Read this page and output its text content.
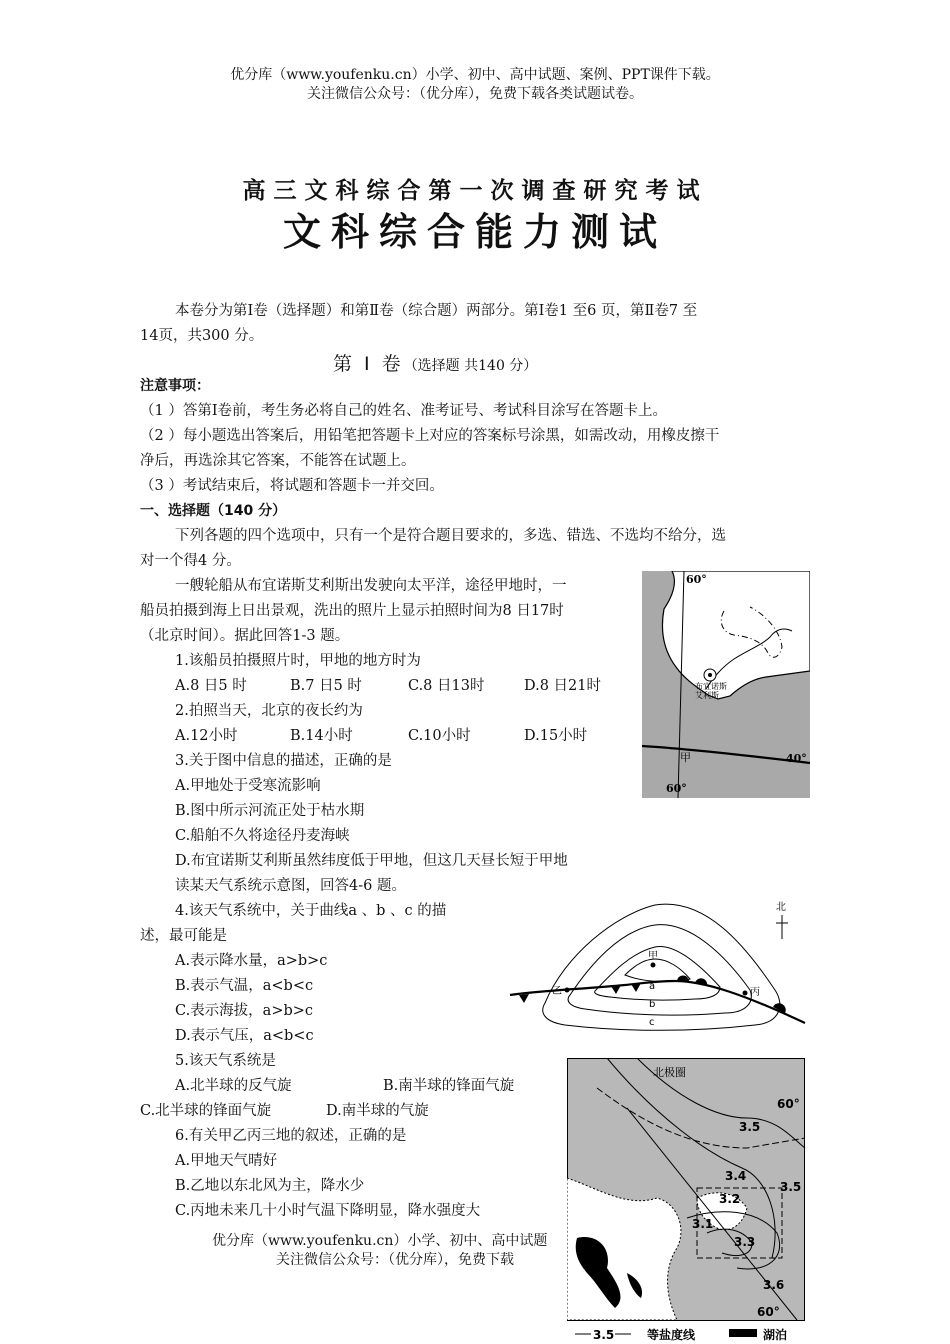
优分库（www.youfenku.cn）小学、初中、高中试题、案例、PPT课件下载。
关注微信公众号：（优分库），免费下载各类试题试卷。
高三文科综合第一次调查研究考试
文科综合能力测试
本卷分为第Ⅰ卷（选择题）和第Ⅱ卷（综合题）两部分。第Ⅰ卷1 至6 页，第Ⅱ卷7 至
14页，共300 分。
第 Ⅰ 卷（选择题 共140 分）
注意事项：
（1 ）答第Ⅰ卷前，考生务必将自己的姓名、准考证号、考试科目涂写在答题卡上。
（2 ）每小题选出答案后，用铅笔把答题卡上对应的答案标号涂黑，如需改动，用橡皮擦干
净后，再选涂其它答案，不能答在试题上。
（3 ）考试结束后，将试题和答题卡一并交回。
一、选择题（140 分）
下列各题的四个选项中，只有一个是符合题目要求的，多选、错选、不选均不给分，选
对一个得4 分。
一艘轮船从布宜诺斯艾利斯出发驶向太平洋，途径甲地时，一
船员拍摄到海上日出景观，洗出的照片上显示拍照时间为8 日17时
（北京时间）。据此回答1-3 题。
1.该船员拍摄照片时，甲地的地方时为
A.8 日5 时	B.7 日5 时	C.8 日13时	D.8 日21时
2.拍照当天，北京的夜长约为
A.12小时	B.14小时	C.10小时	D.15小时
3.关于图中信息的描述，正确的是
A.甲地处于受寒流影响
B.图中所示河流正处于枯水期
C.船舶不久将途径丹麦海峡
D.布宜诺斯艾利斯虽然纬度低于甲地，但这几天昼长短于甲地
读某天气系统示意图，回答4-6 题。
4.该天气系统中，关于曲线a 、b 、c 的描
述，最可能是
A.表示降水量，a>b>c
B.表示气温，a<b<c
C.表示海拔，a>b>c
D.表示气压，a<b<c
5.该天气系统是
A.北半球的反气旋	B.南半球的锋面气旋
C.北半球的锋面气旋	D.南半球的气旋
6.有关甲乙丙三地的叙述，正确的是
A.甲地天气晴好
B.乙地以东北风为主，降水少
C.丙地未来几十小时气温下降明显，降水强度大
优分库（www.youfenku.cn）小学、初中、高中试题
关注微信公众号：（优分库），免费下载
布宜诺斯
艾利斯
60°
60°
40°
甲
甲
乙	丙
a
b
c
北
北极圈
60°
60°
3.5
3.5
3.4
3.2
3.1
3.3
3.6
3.5	等盐度线	湖泊
